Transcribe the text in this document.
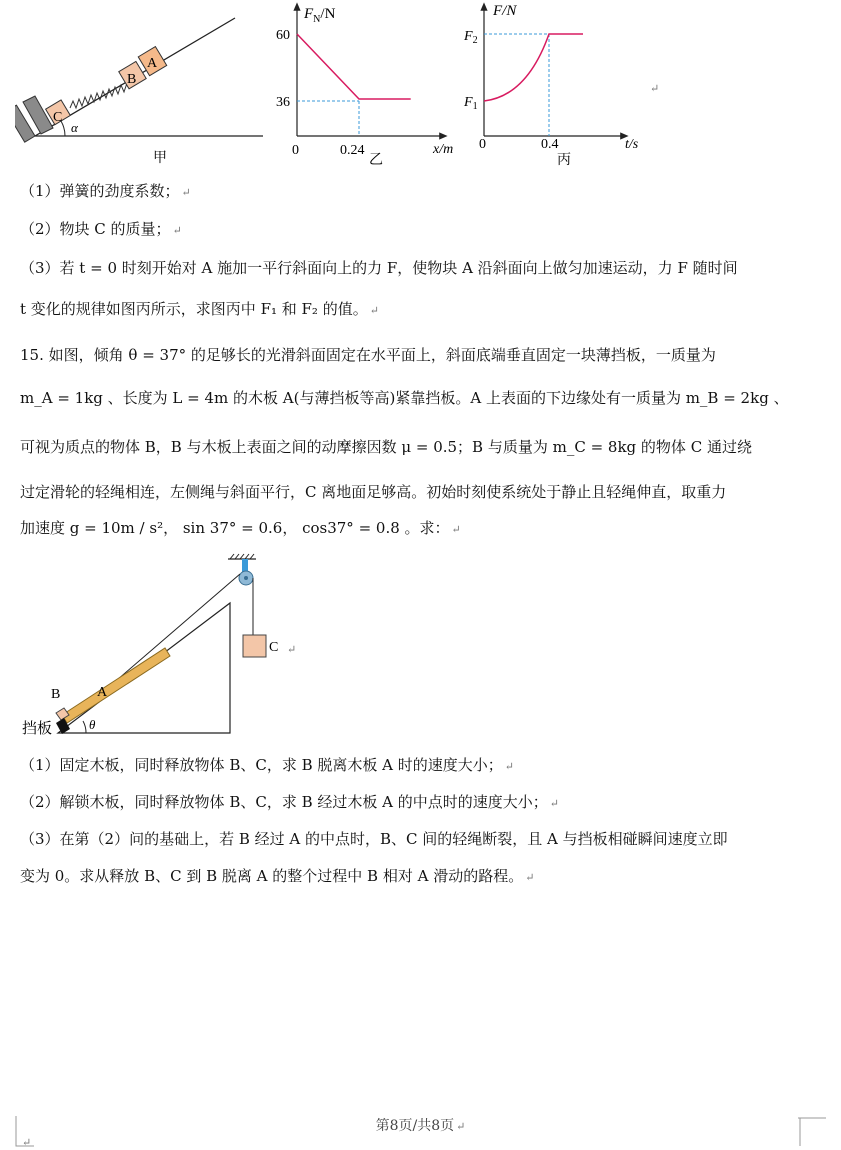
C
B
A
α
甲
$F_N/N$
60
36
0	0.24	x/m
乙
F/N
$F_2$
$F_1$
0	0.4	t/s
丙
↵
（1）弹簧的劲度系数； ↵
（2）物块 C 的质量； ↵
（3）若 t = 0 时刻开始对 A 施加一平行斜面向上的力 F，使物块 A 沿斜面向上做匀加速运动，力 F 随时间
t 变化的规律如图丙所示，求图丙中 F₁ 和 F₂ 的值。 ↵
15. 如图，倾角 θ = 37° 的足够长的光滑斜面固定在水平面上，斜面底端垂直固定一块薄挡板，一质量为
m_A = 1kg 、长度为 L = 4m 的木板 A(与薄挡板等高)紧靠挡板。A 上表面的下边缘处有一质量为 m_B = 2kg 、
可视为质点的物体 B，B 与木板上表面之间的动摩擦因数 μ = 0.5；B 与质量为 m_C = 8kg 的物体 C 通过绕
过定滑轮的轻绳相连，左侧绳与斜面平行，C 离地面足够高。初始时刻使系统处于静止且轻绳伸直，取重力
加速度 g = 10m / s²， sin 37° = 0.6， cos37° = 0.8 。求： ↵
C
A
B
θ
挡板
↵
（1）固定木板，同时释放物体 B、C，求 B 脱离木板 A 时的速度大小； ↵
（2）解锁木板，同时释放物体 B、C，求 B 经过木板 A 的中点时的速度大小； ↵
（3）在第（2）问的基础上，若 B 经过 A 的中点时，B、C 间的轻绳断裂，且 A 与挡板相碰瞬间速度立即
变为 0。求从释放 B、C 到 B 脱离 A 的整个过程中 B 相对 A 滑动的路程。 ↵
↵
第8页/共8页 ↵
